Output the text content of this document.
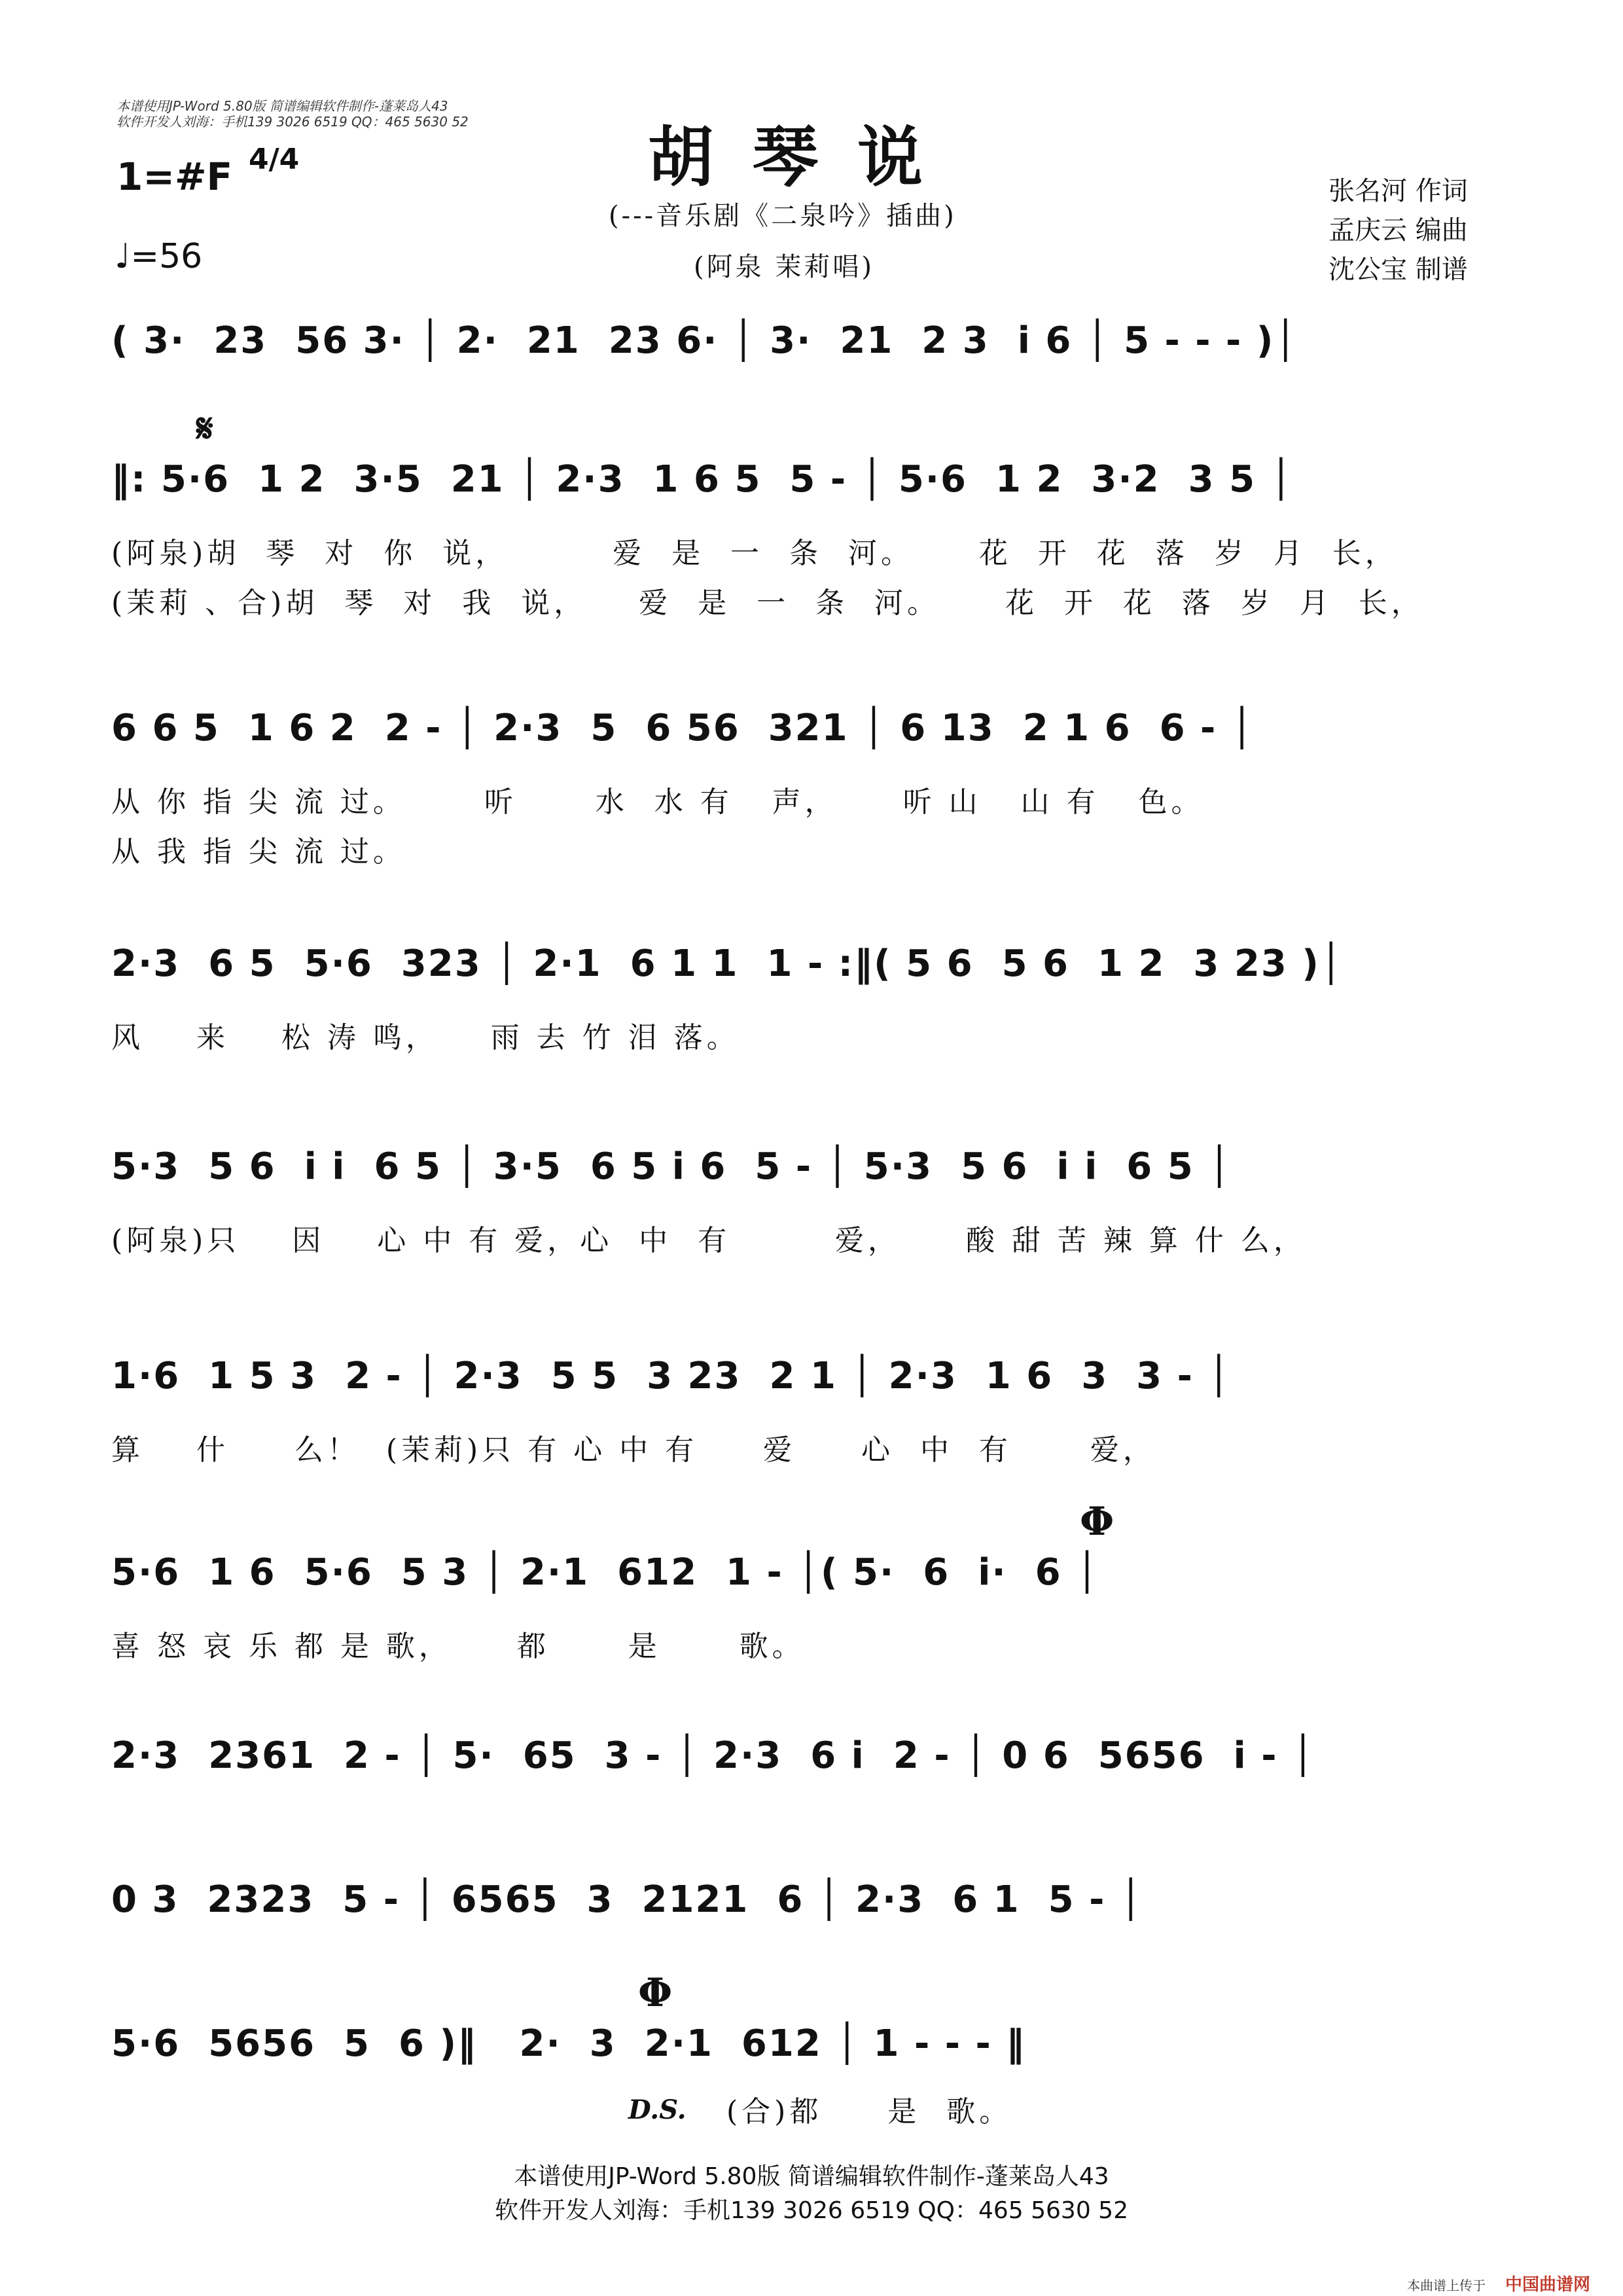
本谱使用JP-Word 5.80版 简谱编辑软件制作-蓬莱岛人43
软件开发人刘海：手机139 3026 6519 QQ：465 5630 52	胡琴说
(---音乐剧《二泉吟》插曲)
(阿泉 茉莉唱)
1=#F 4/4
♩=56
张名河 作词
孟庆云 编曲
沈公宝 制谱
( 3·  23  56 3· │ 2·  21  23 6· │ 3·  21  2 3  i 6 │ 5 - - - )│
𝄋
‖: 5·6  1 2  3·5  21 │ 2·3  1 6 5  5 - │ 5·6  1 2  3·2  3 5 │
(阿泉)胡  琴  对  你  说，        爱  是  一  条  河。     花  开  花  落  岁  月  长，
(茉莉 、合)胡  琴  对  我  说，    爱  是  一  条  河。     花  开  花  落  岁  月  长，
6 6 5  1 6 2  2 - │ 2·3  5  6 56  321 │ 6 13  2 1 6  6 - │
从 你 指 尖 流 过。      听      水  水 有   声，     听 山   山 有   色。
从 我 指 尖 流 过。
2·3  6 5  5·6  323 │ 2·1  6 1 1  1 - :‖( 5 6  5 6  1 2  3 23 )│
风    来    松 涛 鸣，    雨 去 竹 泪 落。
5·3  5 6  i i  6 5 │ 3·5  6 5 i 6  5 - │ 5·3  5 6  i i  6 5 │
(阿泉)只    因    心 中 有 爱，心  中  有        爱，     酸 甜 苦 辣 算 什 么，
1·6  1 5 3  2 - │ 2·3  5 5  3 23  2 1 │ 2·3  1 6  3  3 - │
算    什     么！  (茉莉)只 有 心 中 有     爱     心  中  有      爱，
Φ
5·6  1 6  5·6  5 3 │ 2·1  612  1 - │( 5·  6  i·  6 │
喜 怒 哀 乐 都 是 歌，     都      是      歌。
2·3  2361  2 - │ 5·  65  3 - │ 2·3  6 i  2 - │ 0 6  5656  i - │
0 3  2323  5 - │ 6565  3  2121  6 │ 2·3  6 1  5 - │
Φ
5·6  5656  5  6 )‖   2·  3  2·1  612 │ 1 - - - ‖
D.S. (合)都     是  歌。
本谱使用JP-Word 5.80版 简谱编辑软件制作-蓬莱岛人43
软件开发人刘海：手机139 3026 6519 QQ：465 5630 52
本曲谱上传于 中国曲谱网
